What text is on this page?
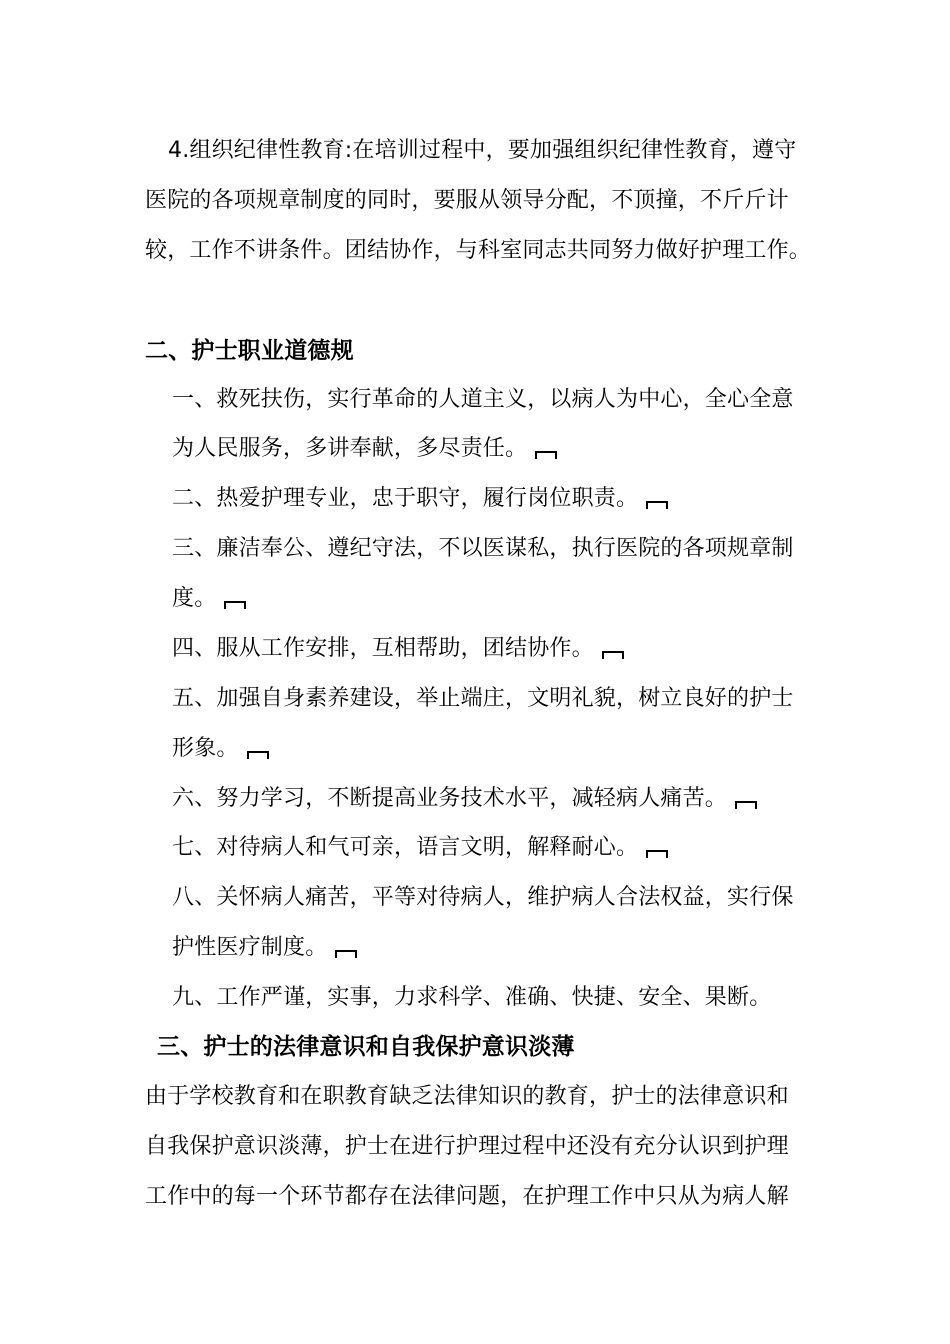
4.组织纪律性教育:在培训过程中，要加强组织纪律性教育，遵守
医院的各项规章制度的同时，要服从领导分配，不顶撞，不斤斤计
较，工作不讲条件。团结协作，与科室同志共同努力做好护理工作。
二、护士职业道德规
一、救死扶伤，实行革命的人道主义，以病人为中心，全心全意
为人民服务，多讲奉献，多尽责任。
二、热爱护理专业，忠于职守，履行岗位职责。
三、廉洁奉公、遵纪守法，不以医谋私，执行医院的各项规章制
度。
四、服从工作安排，互相帮助，团结协作。
五、加强自身素养建设，举止端庄，文明礼貌，树立良好的护士
形象。
六、努力学习，不断提高业务技术水平，减轻病人痛苦。
七、对待病人和气可亲，语言文明，解释耐心。
八、关怀病人痛苦，平等对待病人，维护病人合法权益，实行保
护性医疗制度。
九、工作严谨，实事，力求科学、准确、快捷、安全、果断。
三、护士的法律意识和自我保护意识淡薄
由于学校教育和在职教育缺乏法律知识的教育，护士的法律意识和
自我保护意识淡薄，护士在进行护理过程中还没有充分认识到护理
工作中的每一个环节都存在法律问题，在护理工作中只从为病人解
